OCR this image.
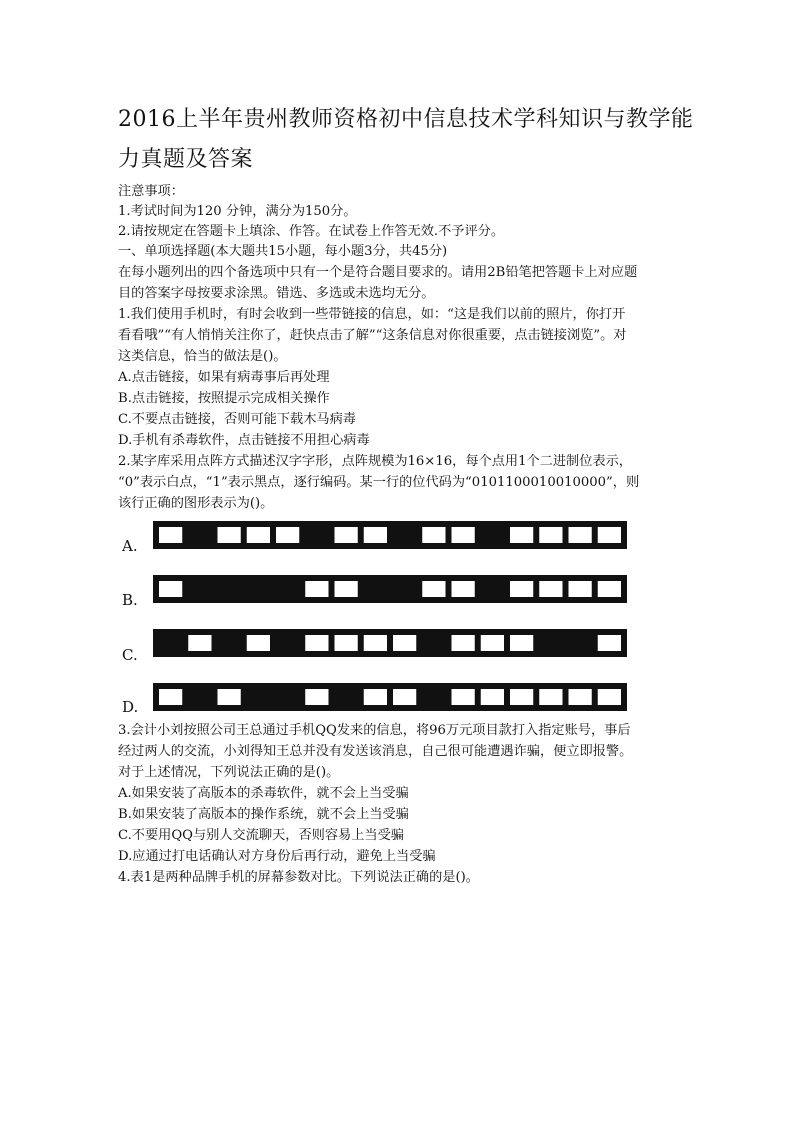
2016上半年贵州教师资格初中信息技术学科知识与教学能
力真题及答案
注意事项：
1.考试时间为120 分钟，满分为150分。
2.请按规定在答题卡上填涂、作答。在试卷上作答无效.不予评分。
一、单项选择题(本大题共15小题，每小题3分，共45分)
在每小题列出的四个备选项中只有一个是符合题目要求的。请用2B铅笔把答题卡上对应题
目的答案字母按要求涂黑。错选、多选或未选均无分。
1.我们使用手机时，有时会收到一些带链接的信息，如：“这是我们以前的照片，你打开
看看哦”“有人悄悄关注你了，赶快点击了解”“这条信息对你很重要，点击链接浏览”。对
这类信息，恰当的做法是()。
A.点击链接，如果有病毒事后再处理
B.点击链接，按照提示完成相关操作
C.不要点击链接，否则可能下载木马病毒
D.手机有杀毒软件，点击链接不用担心病毒
2.某字库采用点阵方式描述汉字字形，点阵规模为16×16，每个点用1个二进制位表示，
“0”表示白点，“1”表示黑点，逐行编码。某一行的位代码为“0101100010010000”，则
该行正确的图形表示为()。
A.
B.
C.
D.
3.会计小刘按照公司王总通过手机QQ发来的信息，将96万元项目款打入指定账号，事后
经过两人的交流，小刘得知王总并没有发送该消息，自己很可能遭遇诈骗，便立即报警。
对于上述情况，下列说法正确的是()。
A.如果安装了高版本的杀毒软件，就不会上当受骗
B.如果安装了高版本的操作系统，就不会上当受骗
C.不要用QQ与别人交流聊天，否则容易上当受骗
D.应通过打电话确认对方身份后再行动，避免上当受骗
4.表1是两种品牌手机的屏幕参数对比。下列说法正确的是()。
